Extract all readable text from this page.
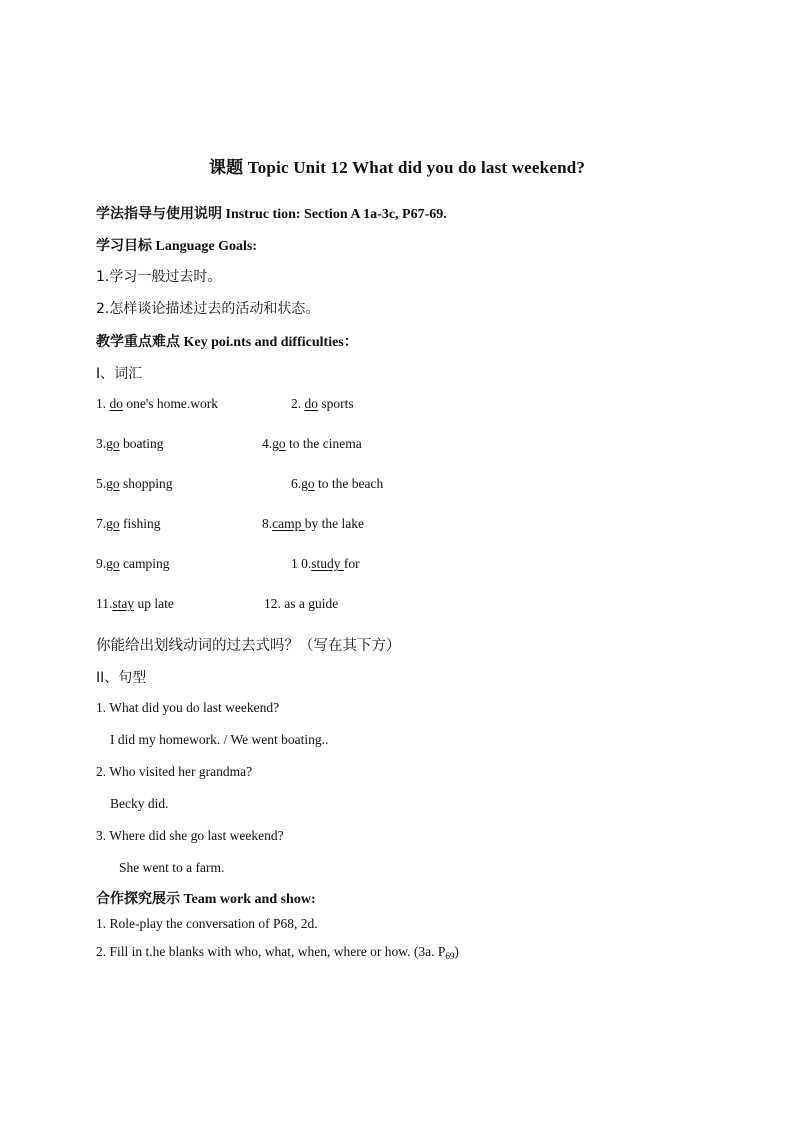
课题 Topic Unit 12 What did you do last weekend?
学法指导与使用说明 Instruc tion: Section A 1a-3c, P67-69.
学习目标 Language Goals:
1.学习一般过去时。
2.怎样谈论描述过去的活动和状态。
教学重点难点 Key poi.nts and difficulties：
I、词汇
1. do one's home.work	2. do sports
3.go boating	4.go to the cinema
5.go shopping	6.go to the beach
7.go fishing	8.camp by the lake
9.go camping	1 0.study for
11.stay up late	12. as a guide
你能给出划线动词的过去式吗？（写在其下方）
II、句型
1. What did you do last weekend?
I did my homework. / We went boating..
2. Who visited her grandma?
Becky did.
3. Where did she go last weekend?
She went to a farm.
合作探究展示 Team work and show:
1. Role-play the conversation of P68, 2d.
2. Fill in t.he blanks with who, what, when, where or how. (3a. $P_{69}$)
